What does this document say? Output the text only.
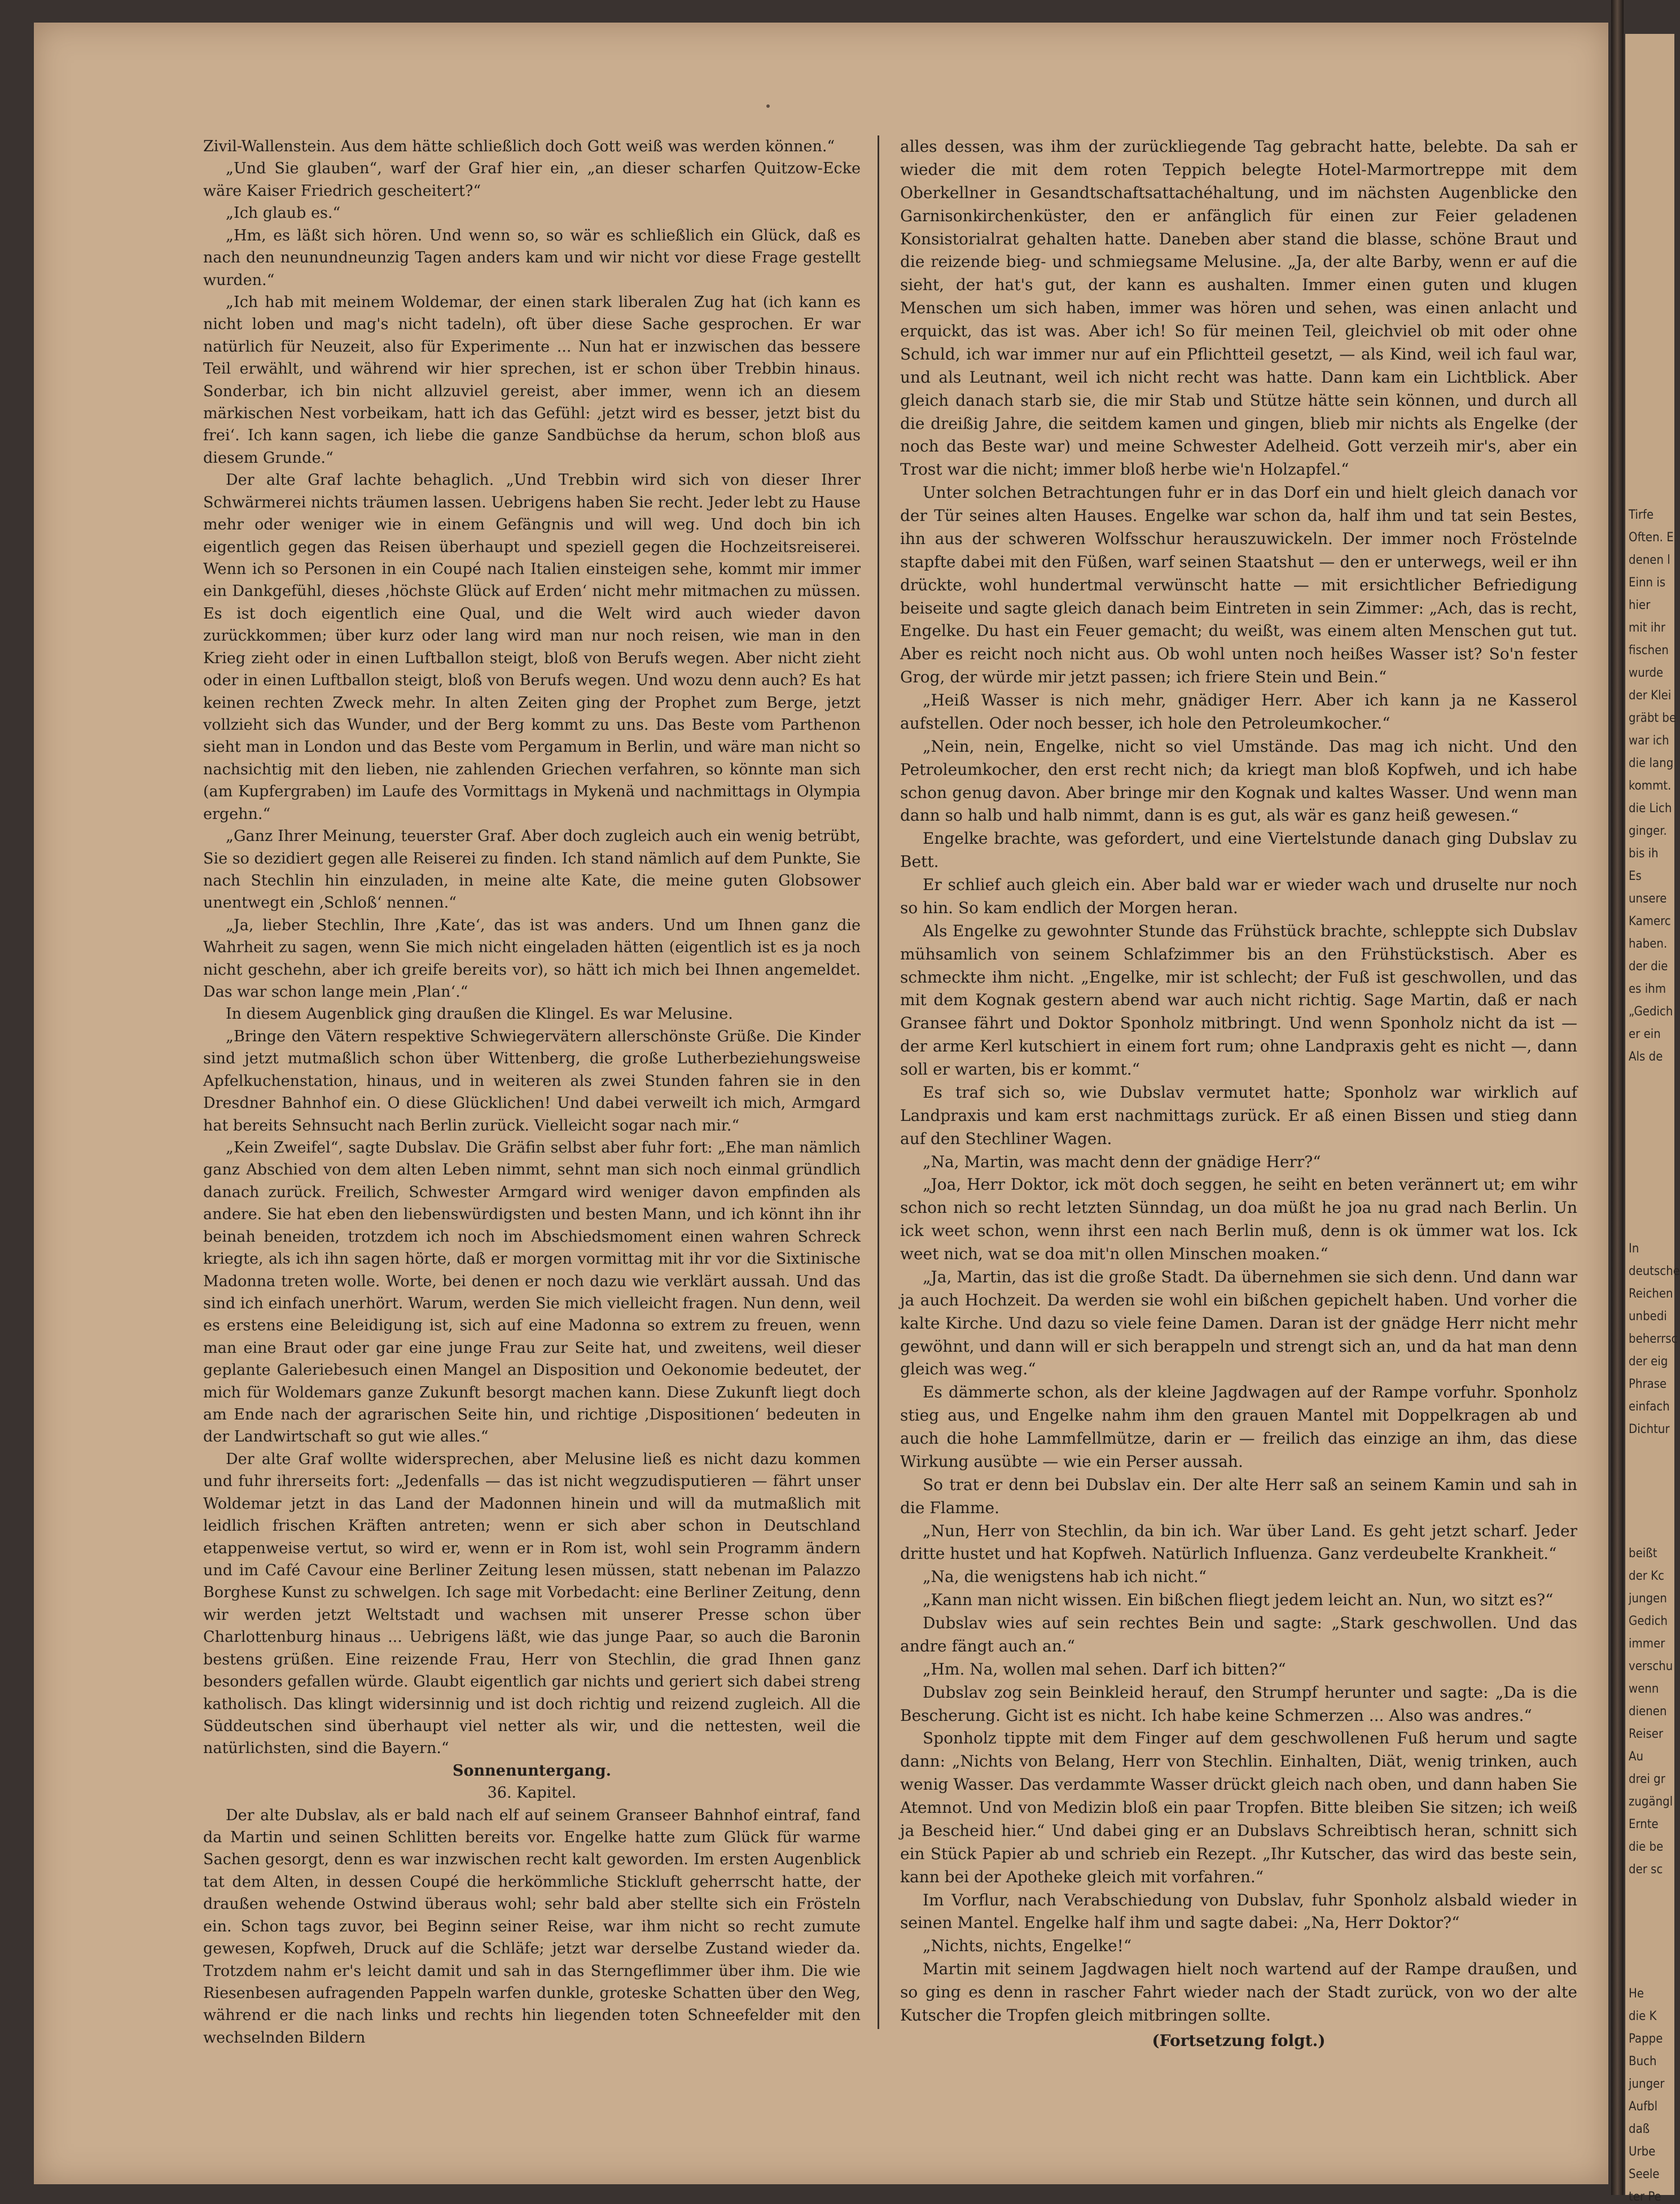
Tirfe
Often. E
denen l
Einn is
hier
mit ihr
fischen
wurde
der Klei
gräbt be
war ich
die lang
kommt.
die Lich
ginger.
bis ih
Es
unsere
Kamerc
haben.
der die
es ihm
„Gedich
er ein
Als de
In
deutsche
Reichen
unbedi
beherrsc
der eig
Phrase
einfach
Dichtur
beißt
der Kc
jungen
Gedich
immer
verschu
wenn
dienen
Reiser
Au
drei gr
zugängl
Ernte
die be
der sc
He
die K
Pappe
Buch
junger
Aufbl
daß
Urbe
Seele
ter Pe

Zivil-Wallenstein. Aus dem hätte schließlich doch Gott weiß was werden können.“

„Und Sie glauben“, warf der Graf hier ein, „an dieser scharfen Quitzow-Ecke wäre Kaiser Friedrich gescheitert?“

„Ich glaub es.“

„Hm, es läßt sich hören. Und wenn so, so wär es schließlich ein Glück, daß es nach den neunundneunzig Tagen anders kam und wir nicht vor diese Frage gestellt wurden.“

„Ich hab mit meinem Woldemar, der einen stark liberalen Zug hat (ich kann es nicht loben und mag's nicht tadeln), oft über diese Sache gesprochen. Er war natürlich für Neuzeit, also für Experimente ... Nun hat er inzwischen das bessere Teil erwählt, und während wir hier sprechen, ist er schon über Trebbin hinaus. Sonderbar, ich bin nicht allzuviel gereist, aber immer, wenn ich an diesem märkischen Nest vorbeikam, hatt ich das Gefühl: ‚jetzt wird es besser, jetzt bist du frei‘. Ich kann sagen, ich liebe die ganze Sandbüchse da herum, schon bloß aus diesem Grunde.“

Der alte Graf lachte behaglich. „Und Trebbin wird sich von dieser Ihrer Schwärmerei nichts träumen lassen. Uebrigens haben Sie recht. Jeder lebt zu Hause mehr oder weniger wie in einem Gefängnis und will weg. Und doch bin ich eigentlich gegen das Reisen überhaupt und speziell gegen die Hochzeitsreiserei. Wenn ich so Personen in ein Coupé nach Italien einsteigen sehe, kommt mir immer ein Dankgefühl, dieses ‚höchste Glück auf Erden‘ nicht mehr mitmachen zu müssen. Es ist doch eigentlich eine Qual, und die Welt wird auch wieder davon zurückkommen; über kurz oder lang wird man nur noch reisen, wie man in den Krieg zieht oder in einen Luftballon steigt, bloß von Berufs wegen. Aber nicht zieht oder in einen Luftballon steigt, bloß von Berufs wegen. Und wozu denn auch? Es hat keinen rechten Zweck mehr. In alten Zeiten ging der Prophet zum Berge, jetzt vollzieht sich das Wunder, und der Berg kommt zu uns. Das Beste vom Parthenon sieht man in London und das Beste vom Pergamum in Berlin, und wäre man nicht so nachsichtig mit den lieben, nie zahlenden Griechen verfahren, so könnte man sich (am Kupfergraben) im Laufe des Vormittags in Mykenä und nachmittags in Olympia ergehn.“

„Ganz Ihrer Meinung, teuerster Graf. Aber doch zugleich auch ein wenig betrübt, Sie so dezidiert gegen alle Reiserei zu finden. Ich stand nämlich auf dem Punkte, Sie nach Stechlin hin einzuladen, in meine alte Kate, die meine guten Globsower unentwegt ein ‚Schloß‘ nennen.“

„Ja, lieber Stechlin, Ihre ‚Kate‘, das ist was anders. Und um Ihnen ganz die Wahrheit zu sagen, wenn Sie mich nicht eingeladen hätten (eigentlich ist es ja noch nicht geschehn, aber ich greife bereits vor), so hätt ich mich bei Ihnen angemeldet. Das war schon lange mein ‚Plan‘.“

In diesem Augenblick ging draußen die Klingel. Es war Melusine.

„Bringe den Vätern respektive Schwiegervätern allerschönste Grüße. Die Kinder sind jetzt mutmaßlich schon über Wittenberg, die große Lutherbeziehungsweise Apfelkuchenstation, hinaus, und in weiteren als zwei Stunden fahren sie in den Dresdner Bahnhof ein. O diese Glücklichen! Und dabei verweilt ich mich, Armgard hat bereits Sehnsucht nach Berlin zurück. Vielleicht sogar nach mir.“

„Kein Zweifel“, sagte Dubslav. Die Gräfin selbst aber fuhr fort: „Ehe man nämlich ganz Abschied von dem alten Leben nimmt, sehnt man sich noch einmal gründlich danach zurück. Freilich, Schwester Armgard wird weniger davon empfinden als andere. Sie hat eben den liebenswürdigsten und besten Mann, und ich könnt ihn ihr beinah beneiden, trotzdem ich noch im Abschiedsmoment einen wahren Schreck kriegte, als ich ihn sagen hörte, daß er morgen vormittag mit ihr vor die Sixtinische Madonna treten wolle. Worte, bei denen er noch dazu wie verklärt aussah. Und das sind ich einfach unerhört. Warum, werden Sie mich vielleicht fragen. Nun denn, weil es erstens eine Beleidigung ist, sich auf eine Madonna so extrem zu freuen, wenn man eine Braut oder gar eine junge Frau zur Seite hat, und zweitens, weil dieser geplante Galeriebesuch einen Mangel an Disposition und Oekonomie bedeutet, der mich für Woldemars ganze Zukunft besorgt machen kann. Diese Zukunft liegt doch am Ende nach der agrarischen Seite hin, und richtige ‚Dispositionen‘ bedeuten in der Landwirtschaft so gut wie alles.“

Der alte Graf wollte widersprechen, aber Melusine ließ es nicht dazu kommen und fuhr ihrerseits fort: „Jedenfalls — das ist nicht wegzudisputieren — fährt unser Woldemar jetzt in das Land der Madonnen hinein und will da mutmaßlich mit leidlich frischen Kräften antreten; wenn er sich aber schon in Deutschland etappenweise vertut, so wird er, wenn er in Rom ist, wohl sein Programm ändern und im Café Cavour eine Berliner Zeitung lesen müssen, statt nebenan im Palazzo Borghese Kunst zu schwelgen. Ich sage mit Vorbedacht: eine Berliner Zeitung, denn wir werden jetzt Weltstadt und wachsen mit unserer Presse schon über Charlottenburg hinaus ... Uebrigens läßt, wie das junge Paar, so auch die Baronin bestens grüßen. Eine reizende Frau, Herr von Stechlin, die grad Ihnen ganz besonders gefallen würde. Glaubt eigentlich gar nichts und geriert sich dabei streng katholisch. Das klingt widersinnig und ist doch richtig und reizend zugleich. All die Süddeutschen sind überhaupt viel netter als wir, und die nettesten, weil die natürlichsten, sind die Bayern.“

Sonnenuntergang.

36. Kapitel.

Der alte Dubslav, als er bald nach elf auf seinem Granseer Bahnhof eintraf, fand da Martin und seinen Schlitten bereits vor. Engelke hatte zum Glück für warme Sachen gesorgt, denn es war inzwischen recht kalt geworden. Im ersten Augenblick tat dem Alten, in dessen Coupé die herkömmliche Stickluft geherrscht hatte, der draußen wehende Ostwind überaus wohl; sehr bald aber stellte sich ein Frösteln ein. Schon tags zuvor, bei Beginn seiner Reise, war ihm nicht so recht zumute gewesen, Kopfweh, Druck auf die Schläfe; jetzt war derselbe Zustand wieder da. Trotzdem nahm er's leicht damit und sah in das Sterngeflimmer über ihm. Die wie Riesenbesen aufragenden Pappeln warfen dunkle, groteske Schatten über den Weg, während er die nach links und rechts hin liegenden toten Schneefelder mit den wechselnden Bildern

alles dessen, was ihm der zurückliegende Tag gebracht hatte, belebte. Da sah er wieder die mit dem roten Teppich belegte Hotel-Marmortreppe mit dem Oberkellner in Gesandtschaftsattachéhaltung, und im nächsten Augenblicke den Garnisonkirchenküster, den er anfänglich für einen zur Feier geladenen Konsistorialrat gehalten hatte. Daneben aber stand die blasse, schöne Braut und die reizende bieg- und schmiegsame Melusine. „Ja, der alte Barby, wenn er auf die sieht, der hat's gut, der kann es aushalten. Immer einen guten und klugen Menschen um sich haben, immer was hören und sehen, was einen anlacht und erquickt, das ist was. Aber ich! So für meinen Teil, gleichviel ob mit oder ohne Schuld, ich war immer nur auf ein Pflichtteil gesetzt, — als Kind, weil ich faul war, und als Leutnant, weil ich nicht recht was hatte. Dann kam ein Lichtblick. Aber gleich danach starb sie, die mir Stab und Stütze hätte sein können, und durch all die dreißig Jahre, die seitdem kamen und gingen, blieb mir nichts als Engelke (der noch das Beste war) und meine Schwester Adelheid. Gott verzeih mir's, aber ein Trost war die nicht; immer bloß herbe wie'n Holzapfel.“

Unter solchen Betrachtungen fuhr er in das Dorf ein und hielt gleich danach vor der Tür seines alten Hauses. Engelke war schon da, half ihm und tat sein Bestes, ihn aus der schweren Wolfsschur herauszuwickeln. Der immer noch Fröstelnde stapfte dabei mit den Füßen, warf seinen Staatshut — den er unterwegs, weil er ihn drückte, wohl hundertmal verwünscht hatte — mit ersichtlicher Befriedigung beiseite und sagte gleich danach beim Eintreten in sein Zimmer: „Ach, das is recht, Engelke. Du hast ein Feuer gemacht; du weißt, was einem alten Menschen gut tut. Aber es reicht noch nicht aus. Ob wohl unten noch heißes Wasser ist? So'n fester Grog, der würde mir jetzt passen; ich friere Stein und Bein.“

„Heiß Wasser is nich mehr, gnädiger Herr. Aber ich kann ja ne Kasserol aufstellen. Oder noch besser, ich hole den Petroleumkocher.“

„Nein, nein, Engelke, nicht so viel Umstände. Das mag ich nicht. Und den Petroleumkocher, den erst recht nich; da kriegt man bloß Kopfweh, und ich habe schon genug davon. Aber bringe mir den Kognak und kaltes Wasser. Und wenn man dann so halb und halb nimmt, dann is es gut, als wär es ganz heiß gewesen.“

Engelke brachte, was gefordert, und eine Viertelstunde danach ging Dubslav zu Bett.

Er schlief auch gleich ein. Aber bald war er wieder wach und druselte nur noch so hin. So kam endlich der Morgen heran.

Als Engelke zu gewohnter Stunde das Frühstück brachte, schleppte sich Dubslav mühsamlich von seinem Schlafzimmer bis an den Frühstückstisch. Aber es schmeckte ihm nicht. „Engelke, mir ist schlecht; der Fuß ist geschwollen, und das mit dem Kognak gestern abend war auch nicht richtig. Sage Martin, daß er nach Gransee fährt und Doktor Sponholz mitbringt. Und wenn Sponholz nicht da ist — der arme Kerl kutschiert in einem fort rum; ohne Landpraxis geht es nicht —, dann soll er warten, bis er kommt.“

Es traf sich so, wie Dubslav vermutet hatte; Sponholz war wirklich auf Landpraxis und kam erst nachmittags zurück. Er aß einen Bissen und stieg dann auf den Stechliner Wagen.

„Na, Martin, was macht denn der gnädige Herr?“

„Joa, Herr Doktor, ick möt doch seggen, he seiht en beten verännert ut; em wihr schon nich so recht letzten Sünndag, un doa müßt he joa nu grad nach Berlin. Un ick weet schon, wenn ihrst een nach Berlin muß, denn is ok ümmer wat los. Ick weet nich, wat se doa mit'n ollen Minschen moaken.“

„Ja, Martin, das ist die große Stadt. Da übernehmen sie sich denn. Und dann war ja auch Hochzeit. Da werden sie wohl ein bißchen gepichelt haben. Und vorher die kalte Kirche. Und dazu so viele feine Damen. Daran ist der gnädge Herr nicht mehr gewöhnt, und dann will er sich berappeln und strengt sich an, und da hat man denn gleich was weg.“

Es dämmerte schon, als der kleine Jagdwagen auf der Rampe vorfuhr. Sponholz stieg aus, und Engelke nahm ihm den grauen Mantel mit Doppelkragen ab und auch die hohe Lammfellmütze, darin er — freilich das einzige an ihm, das diese Wirkung ausübte — wie ein Perser aussah.

So trat er denn bei Dubslav ein. Der alte Herr saß an seinem Kamin und sah in die Flamme.

„Nun, Herr von Stechlin, da bin ich. War über Land. Es geht jetzt scharf. Jeder dritte hustet und hat Kopfweh. Natürlich Influenza. Ganz verdeubelte Krankheit.“

„Na, die wenigstens hab ich nicht.“

„Kann man nicht wissen. Ein bißchen fliegt jedem leicht an. Nun, wo sitzt es?“

Dubslav wies auf sein rechtes Bein und sagte: „Stark geschwollen. Und das andre fängt auch an.“

„Hm. Na, wollen mal sehen. Darf ich bitten?“

Dubslav zog sein Beinkleid herauf, den Strumpf herunter und sagte: „Da is die Bescherung. Gicht ist es nicht. Ich habe keine Schmerzen ... Also was andres.“

Sponholz tippte mit dem Finger auf dem geschwollenen Fuß herum und sagte dann: „Nichts von Belang, Herr von Stechlin. Einhalten, Diät, wenig trinken, auch wenig Wasser. Das verdammte Wasser drückt gleich nach oben, und dann haben Sie Atemnot. Und von Medizin bloß ein paar Tropfen. Bitte bleiben Sie sitzen; ich weiß ja Bescheid hier.“ Und dabei ging er an Dubslavs Schreibtisch heran, schnitt sich ein Stück Papier ab und schrieb ein Rezept. „Ihr Kutscher, das wird das beste sein, kann bei der Apotheke gleich mit vorfahren.“

Im Vorflur, nach Verabschiedung von Dubslav, fuhr Sponholz alsbald wieder in seinen Mantel. Engelke half ihm und sagte dabei: „Na, Herr Doktor?“

„Nichts, nichts, Engelke!“

Martin mit seinem Jagdwagen hielt noch wartend auf der Rampe draußen, und so ging es denn in rascher Fahrt wieder nach der Stadt zurück, von wo der alte Kutscher die Tropfen gleich mitbringen sollte.

(Fortsetzung folgt.)
